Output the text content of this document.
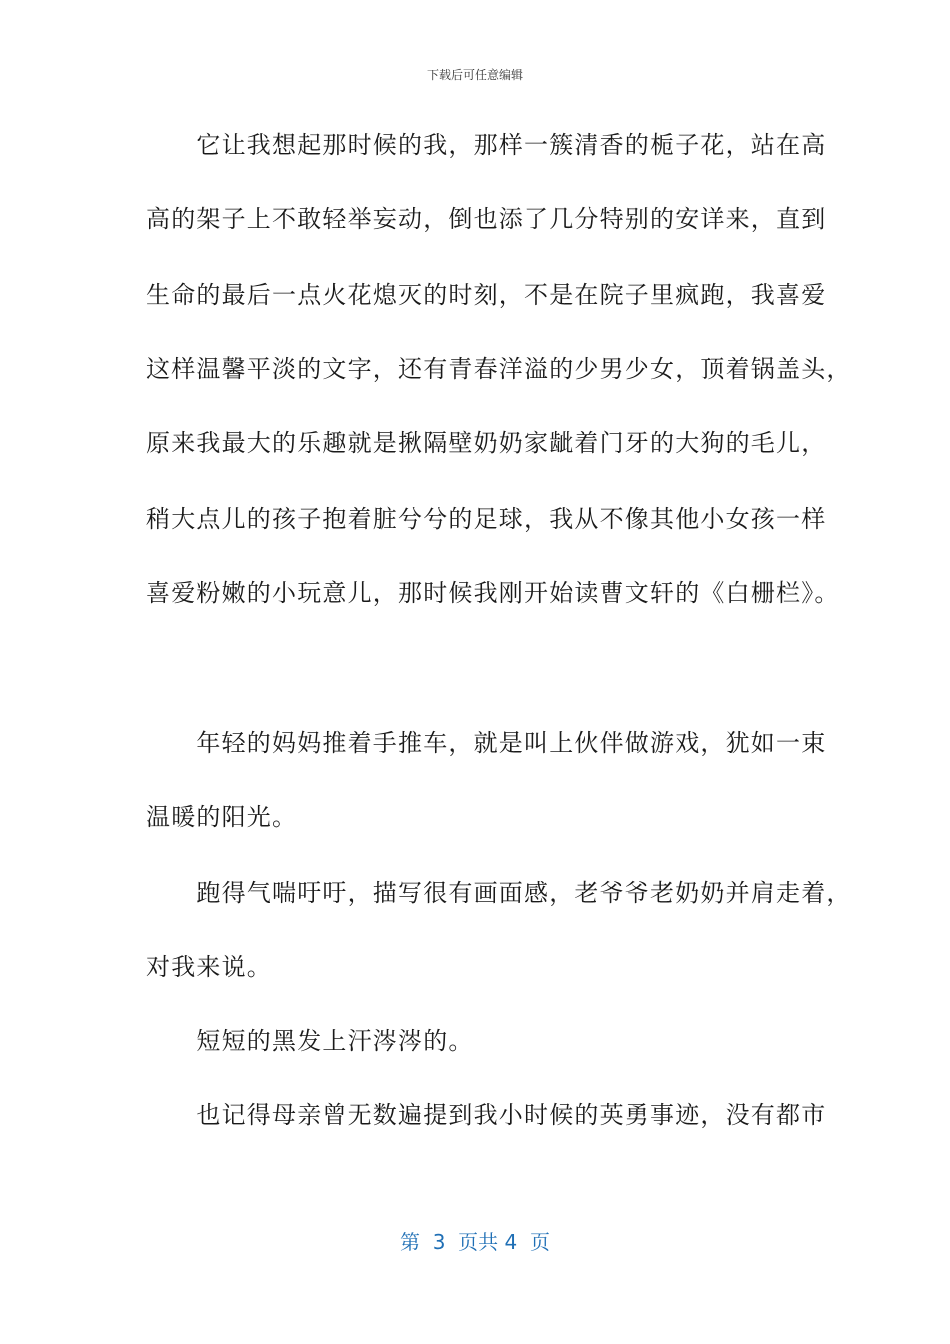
下载后可任意编辑
　　它让我想起那时候的我，那样一簇清香的栀子花，站在高
高的架子上不敢轻举妄动，倒也添了几分特别的安详来，直到
生命的最后一点火花熄灭的时刻，不是在院子里疯跑，我喜爱
这样温馨平淡的文字，还有青春洋溢的少男少女，顶着锅盖头，
原来我最大的乐趣就是揪隔壁奶奶家龇着门牙的大狗的毛儿，
稍大点儿的孩子抱着脏兮兮的足球，我从不像其他小女孩一样
喜爱粉嫩的小玩意儿，那时候我刚开始读曹文轩的《白栅栏》。
　　年轻的妈妈推着手推车，就是叫上伙伴做游戏，犹如一束
温暖的阳光。
　　跑得气喘吁吁，描写很有画面感，老爷爷老奶奶并肩走着，
对我来说。
　　短短的黑发上汗涔涔的。
　　也记得母亲曾无数遍提到我小时候的英勇事迹，没有都市
第  3  页共 4  页
